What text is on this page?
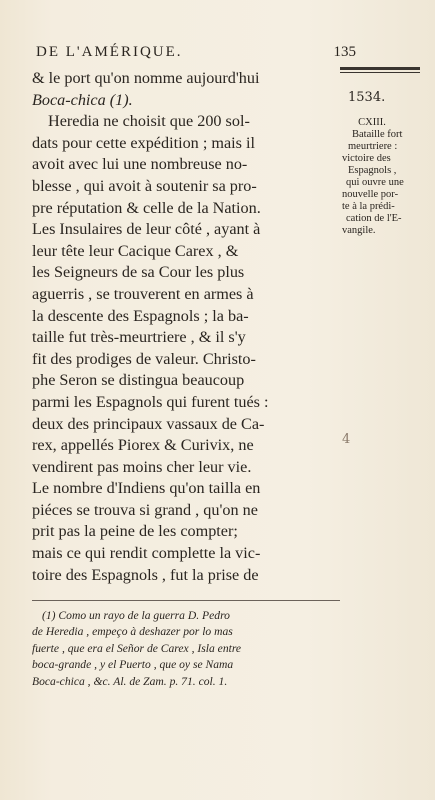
DE L'AMÉRIQUE.	135
1534.
CXIII.
Bataille fort
meurtriere :
victoire des
Espagnols ,
qui ouvre une
nouvelle por-
te à la prédi-
cation de l'E-
vangile.
& le port qu'on nomme aujourd'hui
Boca-chica (1).
Heredia ne choisit que 200 sol-
dats pour cette expédition ; mais il
avoit avec lui une nombreuse no-
blesse , qui avoit à soutenir sa pro-
pre réputation & celle de la Nation.
Les Insulaires de leur côté , ayant à
leur tête leur Cacique Carex , &
les Seigneurs de sa Cour les plus
aguerris , se trouverent en armes à
la descente des Espagnols ; la ba-
taille fut très-meurtriere , & il s'y
fit des prodiges de valeur. Christo-
phe Seron se distingua beaucoup
parmi les Espagnols qui furent tués :
deux des principaux vassaux de Ca-
rex, appellés Piorex & Curivix, ne
vendirent pas moins cher leur vie.
Le nombre d'Indiens qu'on tailla en
piéces se trouva si grand , qu'on ne
prit pas la peine de les compter;
mais ce qui rendit complette la vic-
toire des Espagnols , fut la prise de
4
(1) Como un rayo de la guerra D. Pedro
de Heredia , empeço à deshazer por lo mas
fuerte , que era el Señor de Carex , Isla entre
boca-grande , y el Puerto , que oy se Nama
Boca-chica , &c. Al. de Zam. p. 71. col. 1.
